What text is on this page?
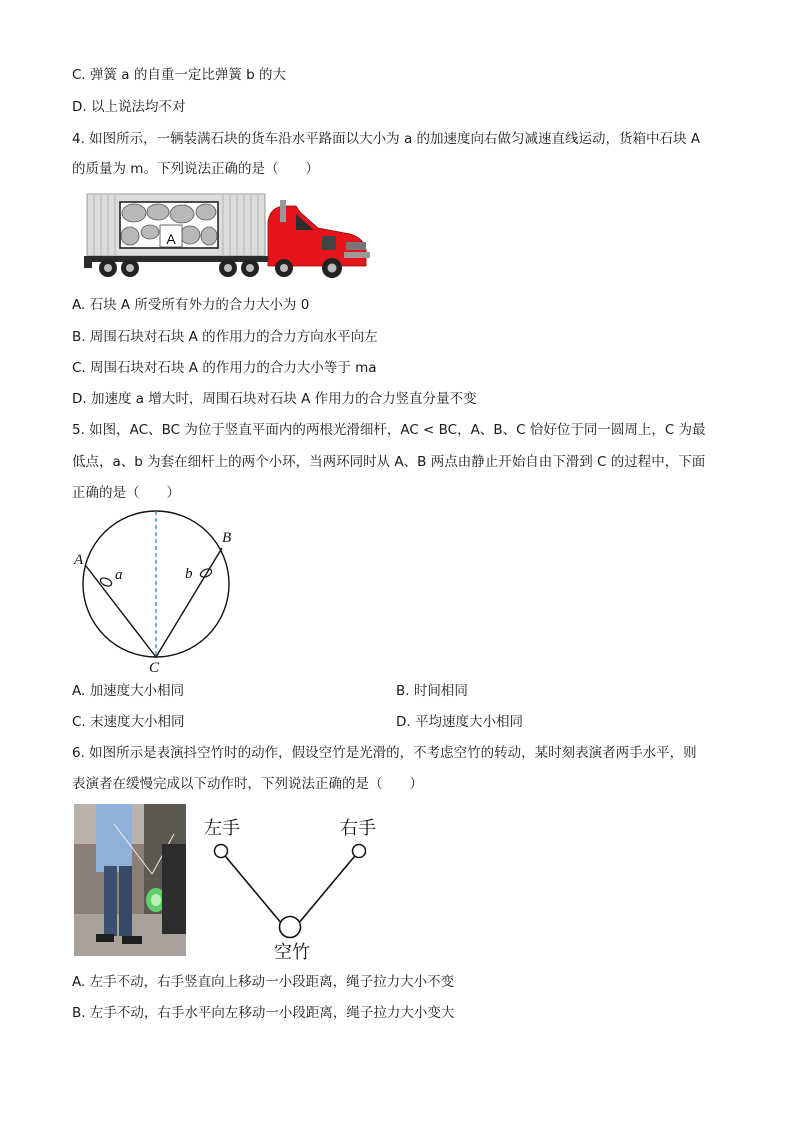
C. 弹簧 a 的自重一定比弹簧 b 的大
D. 以上说法均不对
4. 如图所示，一辆装满石块的货车沿水平路面以大小为 a 的加速度向右做匀减速直线运动，货箱中石块 A
的质量为 m。下列说法正确的是（　　）
A
A. 石块 A 所受所有外力的合力大小为 0
B. 周围石块对石块 A 的作用力的合力方向水平向左
C. 周围石块对石块 A 的作用力的合力大小等于 ma
D. 加速度 a 增大时，周围石块对石块 A 作用力的合力竖直分量不变
5. 如图，AC、BC 为位于竖直平面内的两根光滑细杆，AC < BC，A、B、C 恰好位于同一圆周上，C 为最
低点，a、b 为套在细杆上的两个小环，当两环同时从 A、B 两点由静止开始自由下滑到 C 的过程中，下面
正确的是（　　）
A
B
C
a	b
A. 加速度大小相同	B. 时间相同
C. 末速度大小相同	D. 平均速度大小相同
6. 如图所示是表演抖空竹时的动作，假设空竹是光滑的，不考虑空竹的转动，某时刻表演者两手水平，则
表演者在缓慢完成以下动作时，下列说法正确的是（　　）
左手	右手
空竹
A. 左手不动，右手竖直向上移动一小段距离，绳子拉力大小不变
B. 左手不动，右手水平向左移动一小段距离，绳子拉力大小变大
